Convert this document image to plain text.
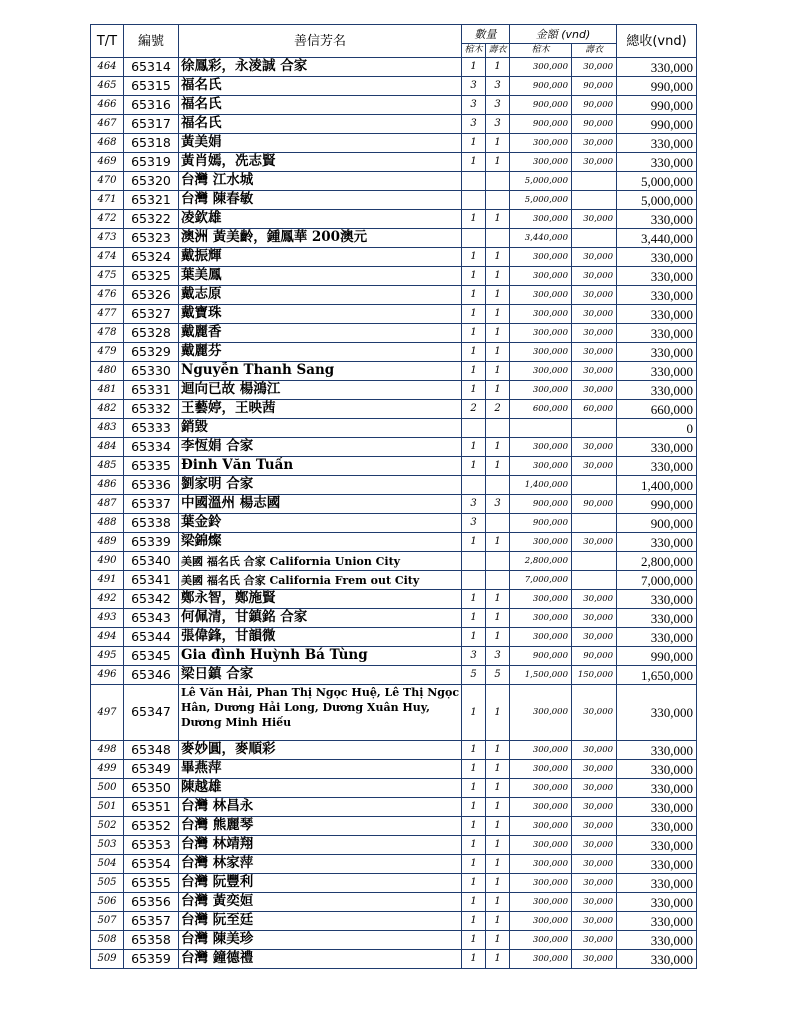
T/T	編號	善信芳名	數量		金額 (vnd)		總收(vnd)
			棺木	壽衣	棺木	壽衣	
464	65314	徐鳳彩，永淩誠 合家	1	1	300,000	30,000	330,000
465	65315	福名氏	3	3	900,000	90,000	990,000
466	65316	福名氏	3	3	900,000	90,000	990,000
467	65317	福名氏	3	3	900,000	90,000	990,000
468	65318	黃美娟	1	1	300,000	30,000	330,000
469	65319	黃肖嫣，冼志賢	1	1	300,000	30,000	330,000
470	65320	台灣 江水城			5,000,000		5,000,000
471	65321	台灣 陳春敏			5,000,000		5,000,000
472	65322	凌欽雄	1	1	300,000	30,000	330,000
473	65323	澳洲 黃美齡，鍾鳳華 200澳元			3,440,000		3,440,000
474	65324	戴振輝	1	1	300,000	30,000	330,000
475	65325	葉美鳳	1	1	300,000	30,000	330,000
476	65326	戴志原	1	1	300,000	30,000	330,000
477	65327	戴寶珠	1	1	300,000	30,000	330,000
478	65328	戴麗香	1	1	300,000	30,000	330,000
479	65329	戴麗芬	1	1	300,000	30,000	330,000
480	65330	Nguyễn Thanh Sang	1	1	300,000	30,000	330,000
481	65331	迴向已故 楊鴻江	1	1	300,000	30,000	330,000
482	65332	王藝婷，王映茜	2	2	600,000	60,000	660,000
483	65333	銷毀					0
484	65334	李恆娟 合家	1	1	300,000	30,000	330,000
485	65335	Đinh Văn Tuấn	1	1	300,000	30,000	330,000
486	65336	劉家明 合家			1,400,000		1,400,000
487	65337	中國溫州 楊志國	3	3	900,000	90,000	990,000
488	65338	葉金鈴	3		900,000		900,000
489	65339	梁錦燦	1	1	300,000	30,000	330,000
490	65340	美國 福名氏 合家 California Union City			2,800,000		2,800,000
491	65341	美國 福名氏 合家 California Frem out City			7,000,000		7,000,000
492	65342	鄭永智，鄭施賢	1	1	300,000	30,000	330,000
493	65343	何佩清，甘鎮銘 合家	1	1	300,000	30,000	330,000
494	65344	張偉鋒，甘韻微	1	1	300,000	30,000	330,000
495	65345	Gia đình Huỳnh Bá Tùng	3	3	900,000	90,000	990,000
496	65346	梁日鎮 合家	5	5	1,500,000	150,000	1,650,000
497	65347	Lê Văn Hải, Phan Thị Ngọc Huệ, Lê Thị Ngọc Hân, Dương Hải Long, Dương Xuân Huy, Dương Minh Hiếu	1	1	300,000	30,000	330,000
498	65348	麥妙圓，麥順彩	1	1	300,000	30,000	330,000
499	65349	畢燕萍	1	1	300,000	30,000	330,000
500	65350	陳越雄	1	1	300,000	30,000	330,000
501	65351	台灣 林昌永	1	1	300,000	30,000	330,000
502	65352	台灣 熊麗琴	1	1	300,000	30,000	330,000
503	65353	台灣 林靖翔	1	1	300,000	30,000	330,000
504	65354	台灣 林家萍	1	1	300,000	30,000	330,000
505	65355	台灣 阮豐利	1	1	300,000	30,000	330,000
506	65356	台灣 黃奕姮	1	1	300,000	30,000	330,000
507	65357	台灣 阮至廷	1	1	300,000	30,000	330,000
508	65358	台灣 陳美珍	1	1	300,000	30,000	330,000
509	65359	台灣 鐘德禮	1	1	300,000	30,000	330,000
